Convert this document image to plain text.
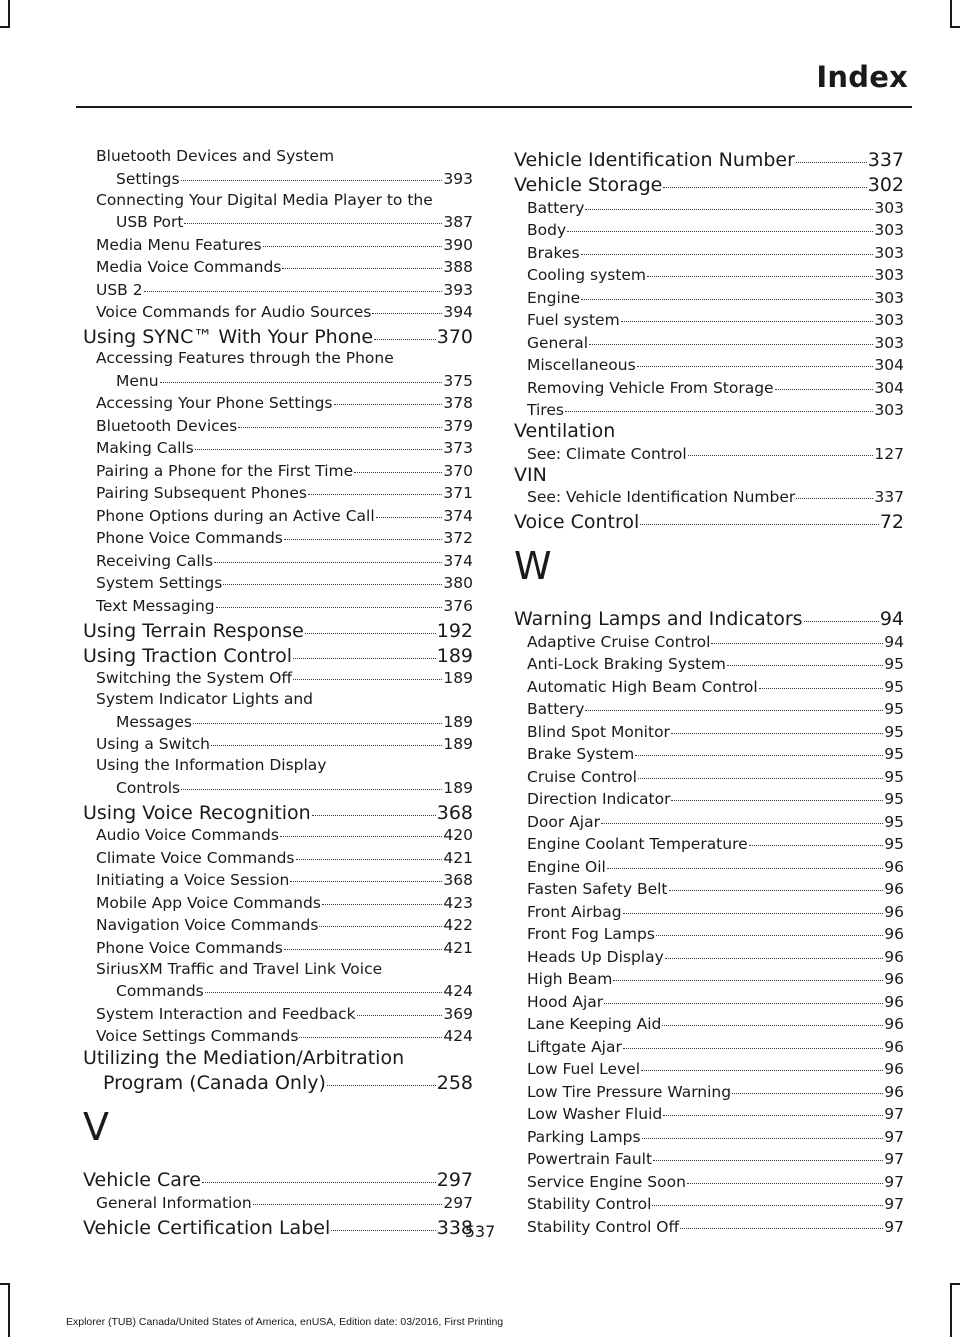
Index
Bluetooth Devices and System
Settings	393
Connecting Your Digital Media Player to the
USB Port	387
Media Menu Features	390
Media Voice Commands	388
USB 2	393
Voice Commands for Audio Sources	394
Using SYNC™ With Your Phone	370
Accessing Features through the Phone
Menu	375
Accessing Your Phone Settings	378
Bluetooth Devices	379
Making Calls	373
Pairing a Phone for the First Time	370
Pairing Subsequent Phones	371
Phone Options during an Active Call	374
Phone Voice Commands	372
Receiving Calls	374
System Settings	380
Text Messaging	376
Using Terrain Response	192
Using Traction Control	189
Switching the System Off	189
System Indicator Lights and
Messages	189
Using a Switch	189
Using the Information Display
Controls	189
Using Voice Recognition	368
Audio Voice Commands	420
Climate Voice Commands	421
Initiating a Voice Session	368
Mobile App Voice Commands	423
Navigation Voice Commands	422
Phone Voice Commands	421
SiriusXM Traffic and Travel Link Voice
Commands	424
System Interaction and Feedback	369
Voice Settings Commands	424
Utilizing the Mediation/Arbitration
Program (Canada Only)	258
V
Vehicle Care	297
General Information	297
Vehicle Certification Label	338
Vehicle Identification Number	337
Vehicle Storage	302
Battery	303
Body	303
Brakes	303
Cooling system	303
Engine	303
Fuel system	303
General	303
Miscellaneous	304
Removing Vehicle From Storage	304
Tires	303
Ventilation
See: Climate Control	127
VIN
See: Vehicle Identification Number	337
Voice Control	72
W
Warning Lamps and Indicators	94
Adaptive Cruise Control	94
Anti-Lock Braking System	95
Automatic High Beam Control	95
Battery	95
Blind Spot Monitor	95
Brake System	95
Cruise Control	95
Direction Indicator	95
Door Ajar	95
Engine Coolant Temperature	95
Engine Oil	96
Fasten Safety Belt	96
Front Airbag	96
Front Fog Lamps	96
Heads Up Display	96
High Beam	96
Hood Ajar	96
Lane Keeping Aid	96
Liftgate Ajar	96
Low Fuel Level	96
Low Tire Pressure Warning	96
Low Washer Fluid	97
Parking Lamps	97
Powertrain Fault	97
Service Engine Soon	97
Stability Control	97
Stability Control Off	97
537
Explorer (TUB) Canada/United States of America, enUSA, Edition date: 03/2016, First Printing
